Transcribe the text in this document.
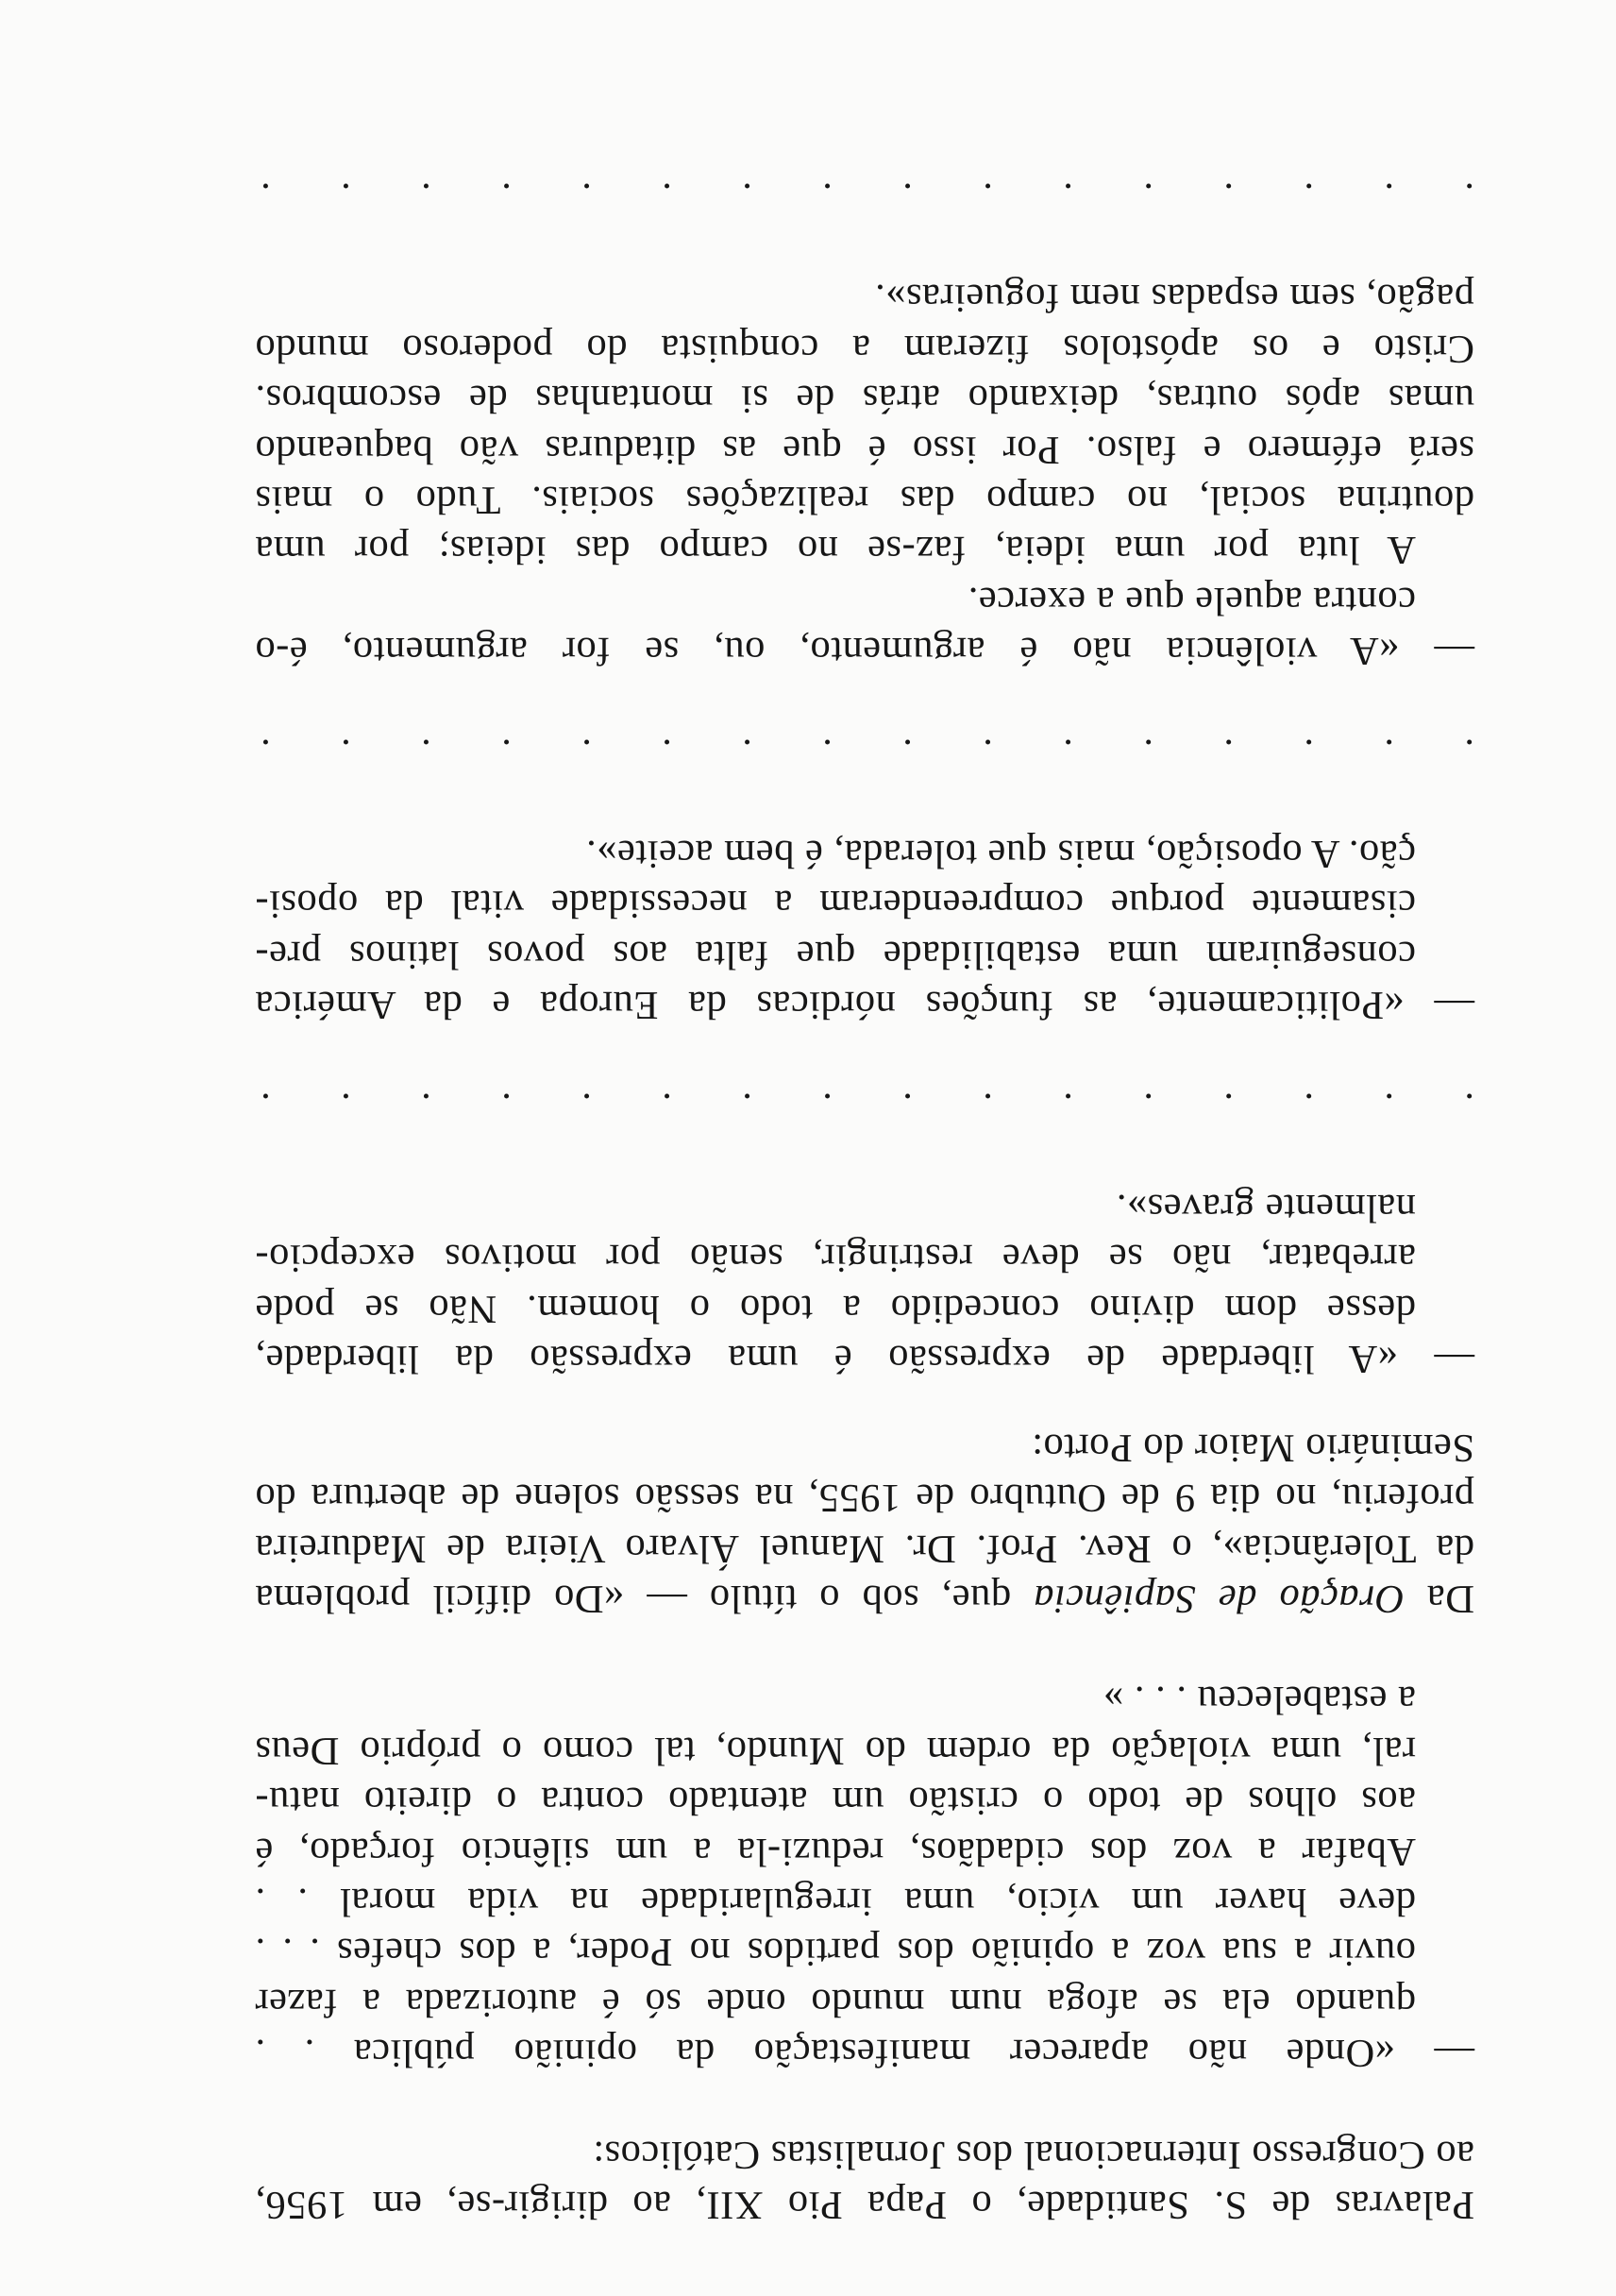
Palavras de S. Santidade, o Papa Pio XII, ao dirigir-se, em 1956,
ao Congresso Internacional dos Jornalistas Católicos:
— «Onde não aparecer manifestação da opinião pública . .
quando ela se afoga num mundo onde só é autorizada a fazer
ouvir a sua voz a opinião dos partidos no Poder, a dos chefes . . .
deve haver um vício, uma irregularidade na vida moral . .
Abafar a voz dos cidadãos, reduzi-la a um silêncio forçado, é
aos olhos de todo o cristão um atentado contra o direito natu-
ral, uma violação da ordem do Mundo, tal como o próprio Deus
a estabeleceu . . . »
Da Oração de Sapiência que, sob o título — «Do difícil problema
da Tolerância», o Rev. Prof. Dr. Manuel Álvaro Vieira de Madureira
proferiu, no dia 9 de Outubro de 1955, na sessão solene de abertura do
Seminário Maior do Porto:
— «A liberdade de expressão é uma expressão da liberdade,
desse dom divino concedido a todo o homem. Não se pode
arrebatar, não se deve restringir, senão por motivos excepcio-
nalmente graves».
.
.
.
.
.
.
.
.
.
.
.
.
.
.
.
.
— «Politicamente, as funções nórdicas da Europa e da América
conseguiram uma estabilidade que falta aos povos latinos pre-
cisamente porque compreenderam a necessidade vital da oposi-
ção. A oposição, mais que tolerada, é bem aceite».
.
.
.
.
.
.
.
.
.
.
.
.
.
.
.
.
— «A violência não é argumento, ou, se for argumento, é-o
contra aquele que a exerce.
A luta por uma ideia, faz-se no campo das ideias; por uma
doutrina social, no campo das realizações sociais. Tudo o mais
será efémero e falso. Por isso é que as ditaduras vão baqueando
umas após outras, deixando atrás de si montanhas de escombros.
Cristo e os apóstolos fizeram a conquista do poderoso mundo
pagão, sem espadas nem fogueiras».
.
.
.
.
.
.
.
.
.
.
.
.
.
.
.
.
